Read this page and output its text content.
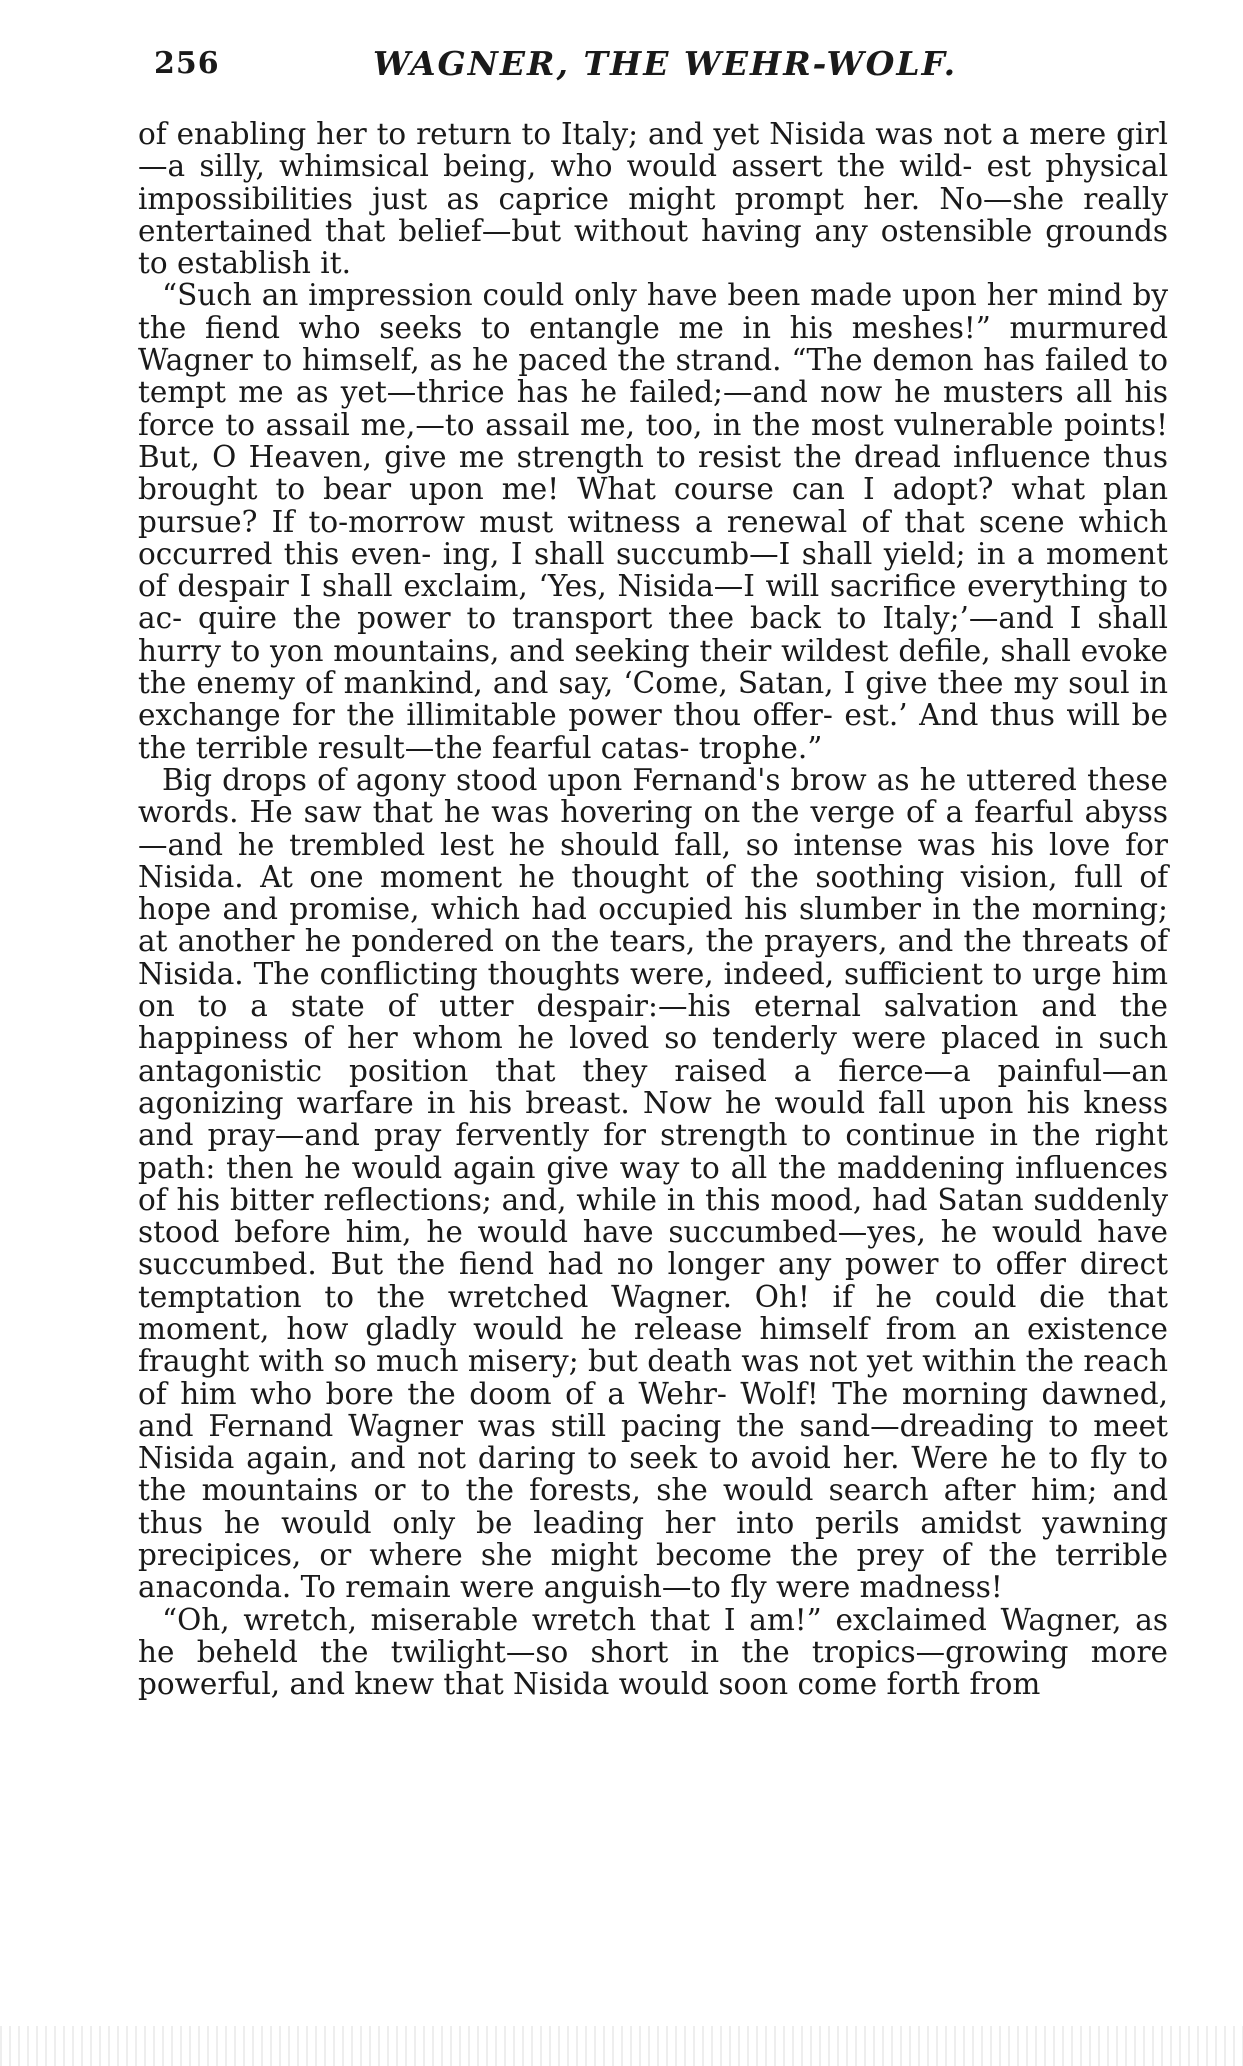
256	WAGNER, THE WEHR-WOLF.

of enabling her to return to Italy; and yet Nisida was not a mere girl—a silly, whimsical being, who would assert the wild- est physical impossibilities just as caprice might prompt her. No—she really entertained that belief—but without having any ostensible grounds to establish it.

“Such an impression could only have been made upon her mind by the fiend who seeks to entangle me in his meshes!” murmured Wagner to himself, as he paced the strand. “The demon has failed to tempt me as yet—thrice has he failed;—and now he musters all his force to assail me,—to assail me, too, in the most vulnerable points! But, O Heaven, give me strength to resist the dread influence thus brought to bear upon me! What course can I adopt? what plan pursue? If to-morrow must witness a renewal of that scene which occurred this even- ing, I shall succumb—I shall yield; in a moment of despair I shall exclaim, ‘Yes, Nisida—I will sacrifice everything to ac- quire the power to transport thee back to Italy;’—and I shall hurry to yon mountains, and seeking their wildest defile, shall evoke the enemy of mankind, and say, ‘Come, Satan, I give thee my soul in exchange for the illimitable power thou offer- est.’ And thus will be the terrible result—the fearful catas- trophe.”

Big drops of agony stood upon Fernand's brow as he uttered these words. He saw that he was hovering on the verge of a fearful abyss—and he trembled lest he should fall, so intense was his love for Nisida. At one moment he thought of the soothing vision, full of hope and promise, which had occupied his slumber in the morning; at another he pondered on the tears, the prayers, and the threats of Nisida. The conflicting thoughts were, indeed, sufficient to urge him on to a state of utter despair:—his eternal salvation and the happiness of her whom he loved so tenderly were placed in such antagonistic position that they raised a fierce—a painful—an agonizing warfare in his breast. Now he would fall upon his kness and pray—and pray fervently for strength to continue in the right path: then he would again give way to all the maddening influences of his bitter reflections; and, while in this mood, had Satan suddenly stood before him, he would have succumbed—yes, he would have succumbed. But the fiend had no longer any power to offer direct temptation to the wretched Wagner. Oh! if he could die that moment, how gladly would he release himself from an existence fraught with so much misery; but death was not yet within the reach of him who bore the doom of a Wehr- Wolf! The morning dawned, and Fernand Wagner was still pacing the sand—dreading to meet Nisida again, and not daring to seek to avoid her. Were he to fly to the mountains or to the forests, she would search after him; and thus he would only be leading her into perils amidst yawning precipices, or where she might become the prey of the terrible anaconda. To remain were anguish—to fly were madness!

“Oh, wretch, miserable wretch that I am!” exclaimed Wagner, as he beheld the twilight—so short in the tropics—growing more powerful, and knew that Nisida would soon come forth from
